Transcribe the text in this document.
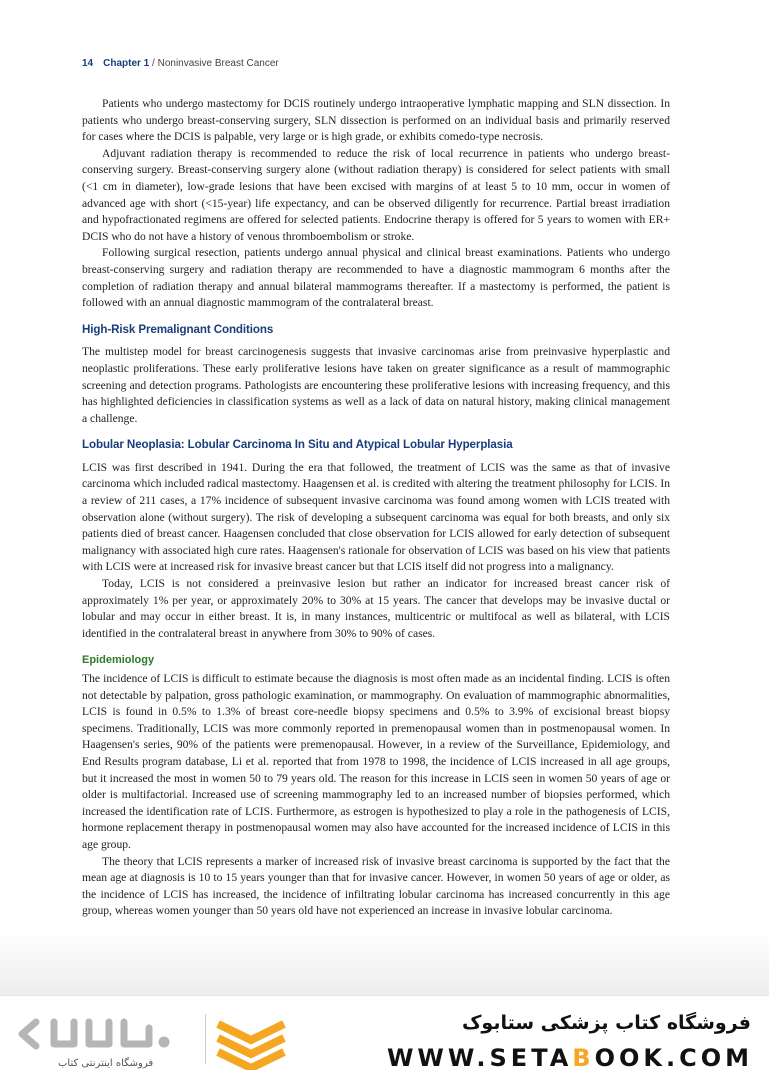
14 Chapter 1 / Noninvasive Breast Cancer

Patients who undergo mastectomy for DCIS routinely undergo intraoperative lymphatic mapping and SLN dissection. In patients who undergo breast-conserving surgery, SLN dissection is performed on an individual basis and primarily reserved for cases where the DCIS is palpable, very large or is high grade, or exhibits comedo-type necrosis.

Adjuvant radiation therapy is recommended to reduce the risk of local recurrence in patients who undergo breast-conserving surgery. Breast-conserving surgery alone (without radiation therapy) is considered for select patients with small (<1 cm in diameter), low-grade lesions that have been excised with margins of at least 5 to 10 mm, occur in women of advanced age with short (<15-year) life expectancy, and can be observed diligently for recurrence. Partial breast irradiation and hypofractionated regimens are offered for selected patients. Endocrine therapy is offered for 5 years to women with ER+ DCIS who do not have a history of venous thromboembolism or stroke.

Following surgical resection, patients undergo annual physical and clinical breast examinations. Patients who undergo breast-conserving surgery and radiation therapy are recommended to have a diagnostic mammogram 6 months after the completion of radiation therapy and annual bilateral mammograms thereafter. If a mastectomy is performed, the patient is followed with an annual diagnostic mammogram of the contralateral breast.

High-Risk Premalignant Conditions

The multistep model for breast carcinogenesis suggests that invasive carcinomas arise from preinvasive hyperplastic and neoplastic proliferations. These early proliferative lesions have taken on greater significance as a result of mammographic screening and detection programs. Pathologists are encountering these proliferative lesions with increasing frequency, and this has highlighted deficiencies in classification systems as well as a lack of data on natural history, making clinical management a challenge.

Lobular Neoplasia: Lobular Carcinoma In Situ and Atypical Lobular Hyperplasia

LCIS was first described in 1941. During the era that followed, the treatment of LCIS was the same as that of invasive carcinoma which included radical mastectomy. Haagensen et al. is credited with altering the treatment philosophy for LCIS. In a review of 211 cases, a 17% incidence of subsequent invasive carcinoma was found among women with LCIS treated with observation alone (without surgery). The risk of developing a subsequent carcinoma was equal for both breasts, and only six patients died of breast cancer. Haagensen concluded that close observation for LCIS allowed for early detection of subsequent malignancy with associated high cure rates. Haagensen's rationale for observation of LCIS was based on his view that patients with LCIS were at increased risk for invasive breast cancer but that LCIS itself did not progress into a malignancy.

Today, LCIS is not considered a preinvasive lesion but rather an indicator for increased breast cancer risk of approximately 1% per year, or approximately 20% to 30% at 15 years. The cancer that develops may be invasive ductal or lobular and may occur in either breast. It is, in many instances, multicentric or multifocal as well as bilateral, with LCIS identified in the contralateral breast in anywhere from 30% to 90% of cases.

Epidemiology

The incidence of LCIS is difficult to estimate because the diagnosis is most often made as an incidental finding. LCIS is often not detectable by palpation, gross pathologic examination, or mammography. On evaluation of mammographic abnormalities, LCIS is found in 0.5% to 1.3% of breast core-needle biopsy specimens and 0.5% to 3.9% of excisional breast biopsy specimens. Traditionally, LCIS was more commonly reported in premenopausal women than in postmenopausal women. In Haagensen's series, 90% of the patients were premenopausal. However, in a review of the Surveillance, Epidemiology, and End Results program database, Li et al. reported that from 1978 to 1998, the incidence of LCIS increased in all age groups, but it increased the most in women 50 to 79 years old. The reason for this increase in LCIS seen in women 50 years of age or older is multifactorial. Increased use of screening mammography led to an increased number of biopsies performed, which increased the identification rate of LCIS. Furthermore, as estrogen is hypothesized to play a role in the pathogenesis of LCIS, hormone replacement therapy in postmenopausal women may also have accounted for the increased incidence of LCIS in this age group.

The theory that LCIS represents a marker of increased risk of invasive breast carcinoma is supported by the fact that the mean age at diagnosis is 10 to 15 years younger than that for invasive cancer. However, in women 50 years of age or older, as the incidence of LCIS has increased, the incidence of infiltrating lobular carcinoma has increased concurrently in this age group, whereas women younger than 50 years old have not experienced an increase in invasive lobular carcinoma.

فروشگاه اینترنتی کتاب
فروشگاه کتاب پزشکی ستابوک
WWW.SETABOOK.COM
